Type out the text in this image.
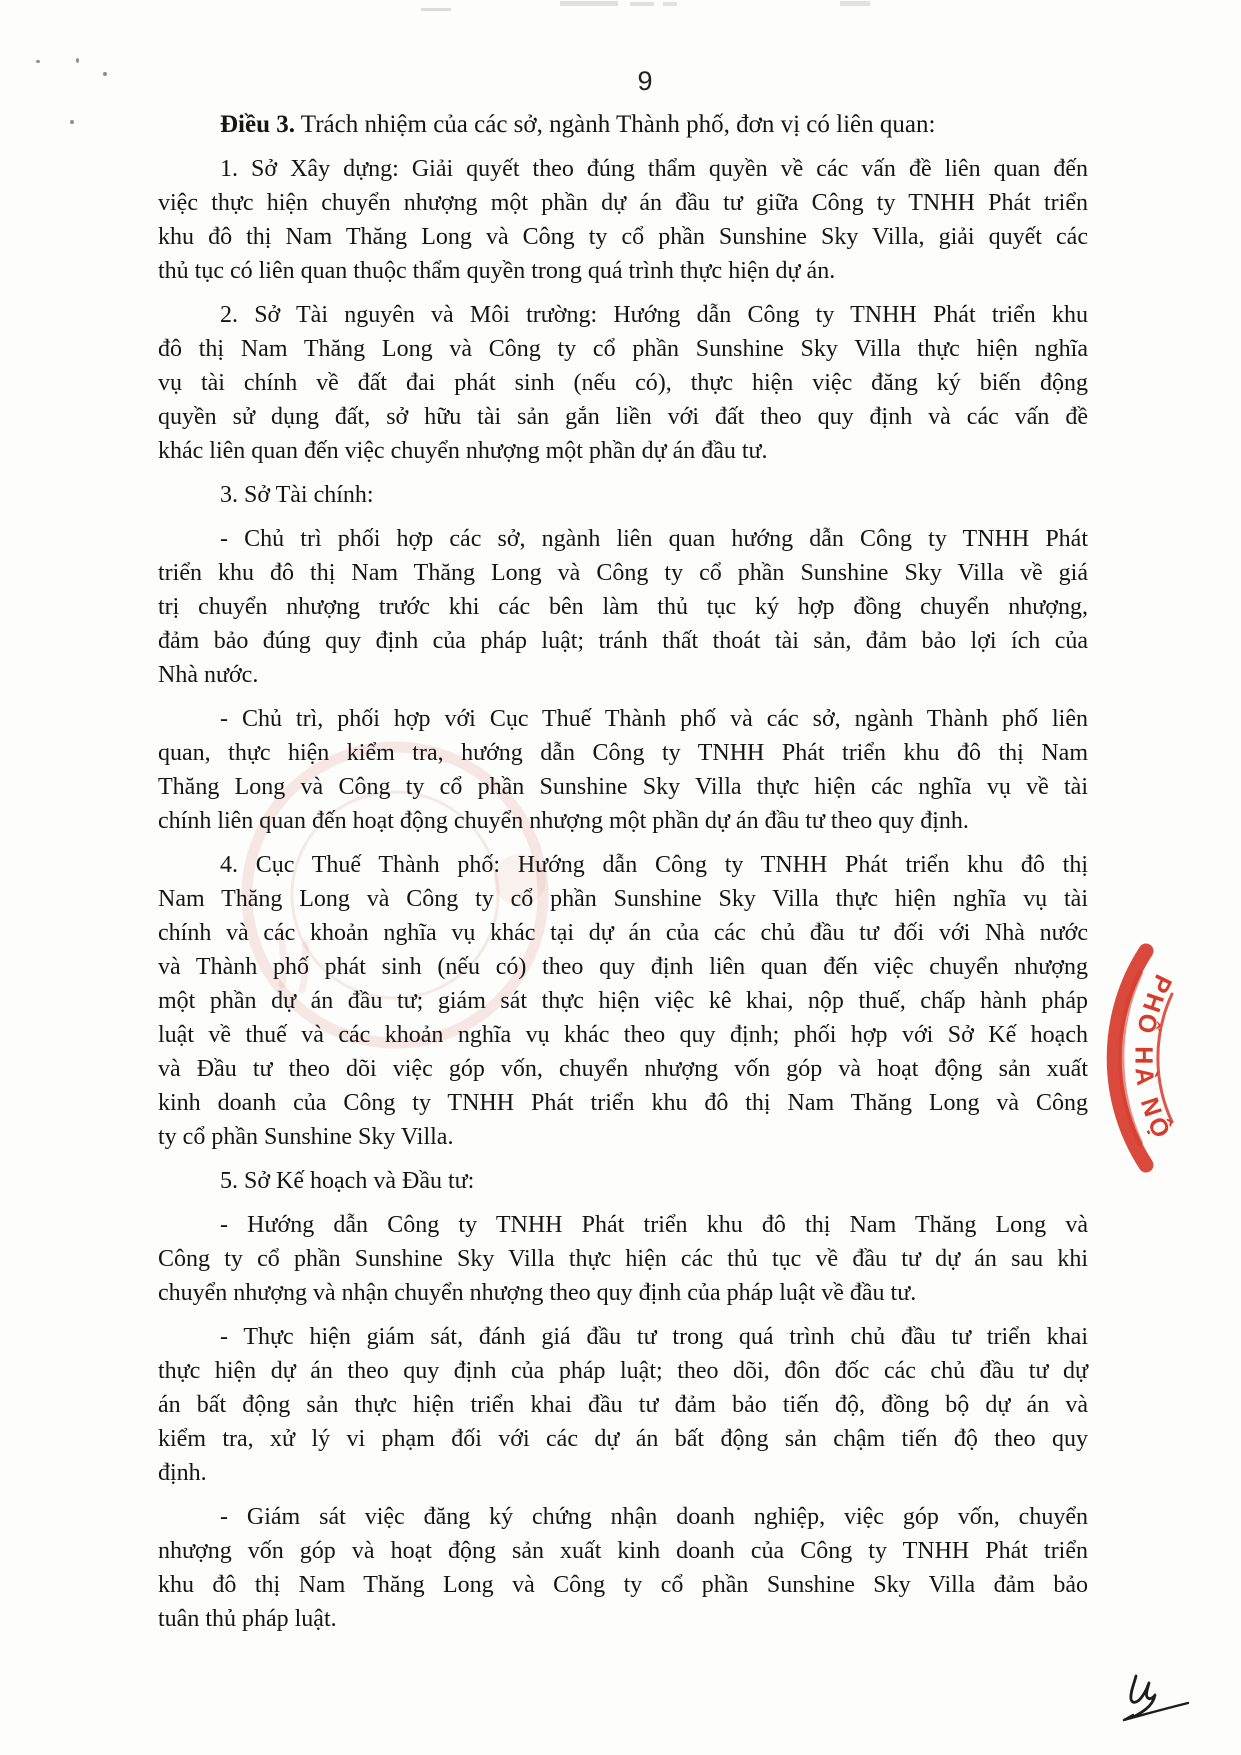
9
Điều 3. Trách nhiệm của các sở, ngành Thành phố, đơn vị có liên quan:
1. Sở Xây dựng: Giải quyết theo đúng thẩm quyền về các vấn đề liên quan đến
việc thực hiện chuyển nhượng một phần dự án đầu tư giữa Công ty TNHH Phát triển
khu đô thị Nam Thăng Long và Công ty cổ phần Sunshine Sky Villa, giải quyết các
thủ tục có liên quan thuộc thẩm quyền trong quá trình thực hiện dự án.
2. Sở Tài nguyên và Môi trường: Hướng dẫn Công ty TNHH Phát triển khu
đô thị Nam Thăng Long và Công ty cổ phần Sunshine Sky Villa thực hiện nghĩa
vụ tài chính về đất đai phát sinh (nếu có), thực hiện việc đăng ký biến động
quyền sử dụng đất, sở hữu tài sản gắn liền với đất theo quy định và các vấn đề
khác liên quan đến việc chuyển nhượng một phần dự án đầu tư.
3. Sở Tài chính:
- Chủ trì phối hợp các sở, ngành liên quan hướng dẫn Công ty TNHH Phát
triển khu đô thị Nam Thăng Long và Công ty cổ phần Sunshine Sky Villa về giá
trị chuyển nhượng trước khi các bên làm thủ tục ký hợp đồng chuyển nhượng,
đảm bảo đúng quy định của pháp luật; tránh thất thoát tài sản, đảm bảo lợi ích của
Nhà nước.
- Chủ trì, phối hợp với Cục Thuế Thành phố và các sở, ngành Thành phố liên
quan, thực hiện kiểm tra, hướng dẫn Công ty TNHH Phát triển khu đô thị Nam
Thăng Long và Công ty cổ phần Sunshine Sky Villa thực hiện các nghĩa vụ về tài
chính liên quan đến hoạt động chuyển nhượng một phần dự án đầu tư theo quy định.
4. Cục Thuế Thành phố: Hướng dẫn Công ty TNHH Phát triển khu đô thị
Nam Thăng Long và Công ty cổ phần Sunshine Sky Villa thực hiện nghĩa vụ tài
chính và các khoản nghĩa vụ khác tại dự án của các chủ đầu tư đối với Nhà nước
và Thành phố phát sinh (nếu có) theo quy định liên quan đến việc chuyển nhượng
một phần dự án đầu tư; giám sát thực hiện việc kê khai, nộp thuế, chấp hành pháp
luật về thuế và các khoản nghĩa vụ khác theo quy định; phối hợp với Sở Kế hoạch
và Đầu tư theo dõi việc góp vốn, chuyển nhượng vốn góp và hoạt động sản xuất
kinh doanh của Công ty TNHH Phát triển khu đô thị Nam Thăng Long và Công
ty cổ phần Sunshine Sky Villa.
5. Sở Kế hoạch và Đầu tư:
- Hướng dẫn Công ty TNHH Phát triển khu đô thị Nam Thăng Long và
Công ty cổ phần Sunshine Sky Villa thực hiện các thủ tục về đầu tư dự án sau khi
chuyển nhượng và nhận chuyển nhượng theo quy định của pháp luật về đầu tư.
- Thực hiện giám sát, đánh giá đầu tư trong quá trình chủ đầu tư triển khai
thực hiện dự án theo quy định của pháp luật; theo dõi, đôn đốc các chủ đầu tư dự
án bất động sản thực hiện triển khai đầu tư đảm bảo tiến độ, đồng bộ dự án và
kiểm tra, xử lý vi phạm đối với các dự án bất động sản chậm tiến độ theo quy
định.
- Giám sát việc đăng ký chứng nhận doanh nghiệp, việc góp vốn, chuyển
nhượng vốn góp và hoạt động sản xuất kinh doanh của Công ty TNHH Phát triển
khu đô thị Nam Thăng Long và Công ty cổ phần Sunshine Sky Villa đảm bảo
tuân thủ pháp luật.
PHỐ HÀ NỘ
